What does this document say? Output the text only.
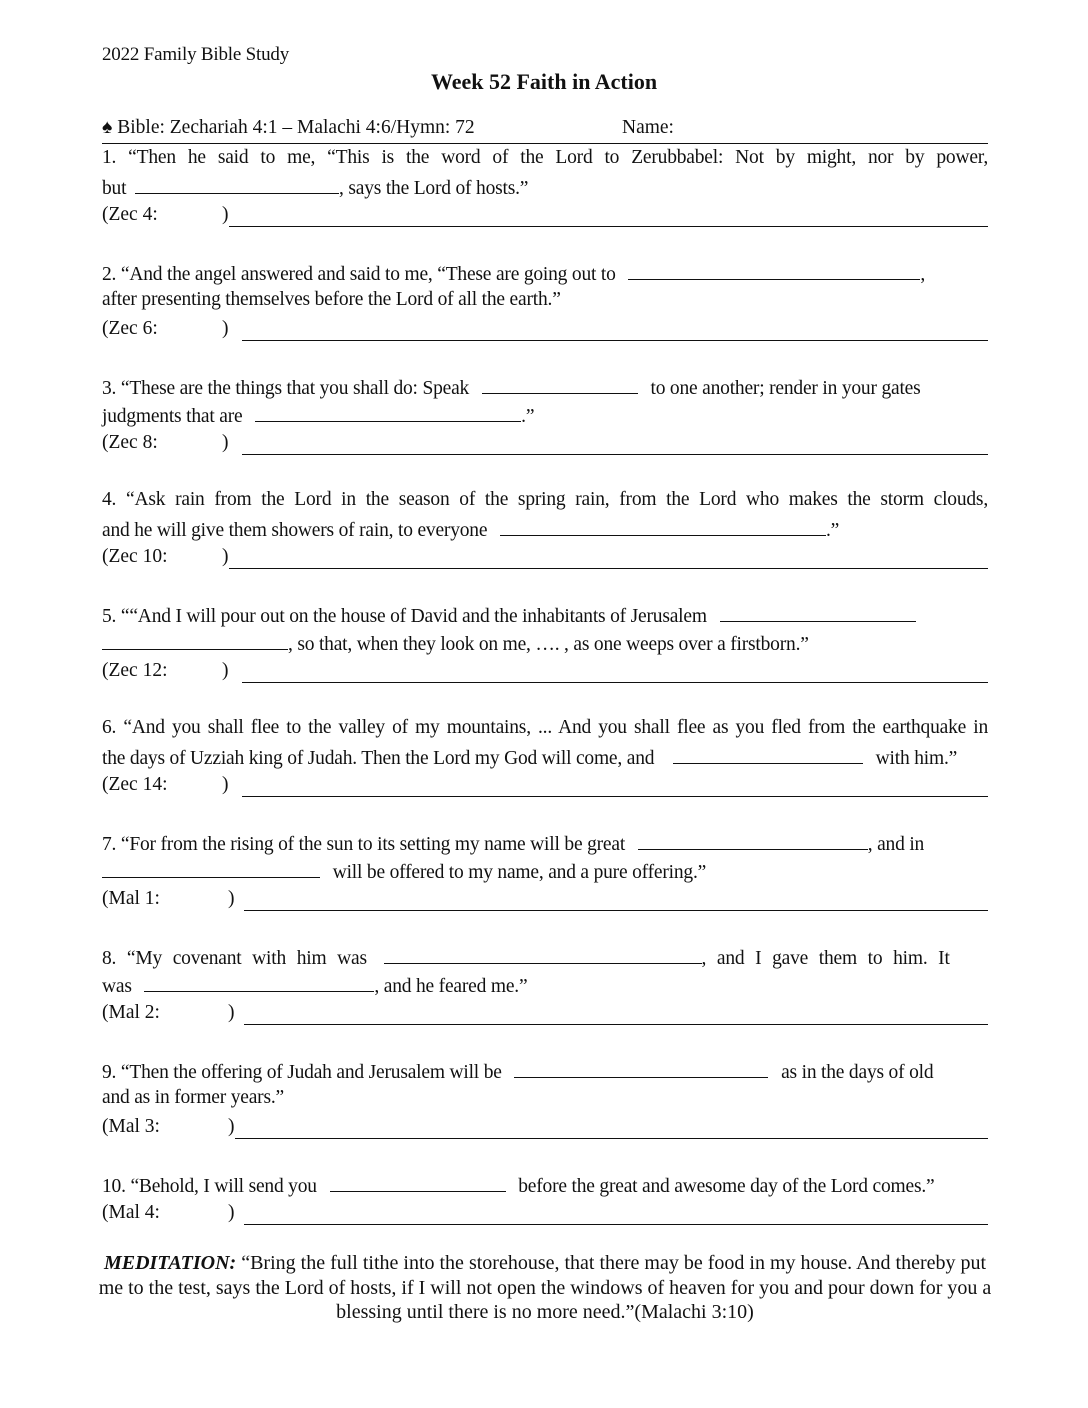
2022 Family Bible Study
Week 52 Faith in Action
♠ Bible: Zechariah 4:1 – Malachi 4:6/Hymn: 72	Name:
1. “Then he said to me, “This is the word of the Lord to Zerubbabel: Not by might, nor by power,
but	, says the Lord of hosts.”
(Zec 4:	)
2. “And the angel answered and said to me, “These are going out to	,
after presenting themselves before the Lord of all the earth.”
(Zec 6:	)
3. “These are the things that you shall do: Speak	to one another; render in your gates
judgments that are	.”
(Zec 8:	)
4. “Ask rain from the Lord in the season of the spring rain, from the Lord who makes the storm clouds,
and he will give them showers of rain, to everyone	.”
(Zec 10:	)
5. ““And I will pour out on the house of David and the inhabitants of Jerusalem
, so that, when they look on me, …. , as one weeps over a firstborn.”
(Zec 12:	)
6. “And you shall flee to the valley of my mountains, ... And you shall flee as you fled from the earthquake in
the days of Uzziah king of Judah. Then the Lord my God will come, and	with him.”
(Zec 14:	)
7. “For from the rising of the sun to its setting my name will be great	, and in
will be offered to my name, and a pure offering.”
(Mal 1:	)
8. “My covenant with him was	, and I gave them to him. It
was	, and he feared me.”
(Mal 2:	)
9. “Then the offering of Judah and Jerusalem will be	as in the days of old
and as in former years.”
(Mal 3:	)
10. “Behold, I will send you	before the great and awesome day of the Lord comes.”
(Mal 4:	)
MEDITATION: “Bring the full tithe into the storehouse, that there may be food in my house. And thereby put me to the test, says the Lord of hosts, if I will not open the windows of heaven for you and pour down for you a blessing until there is no more need.”(Malachi 3:10)
